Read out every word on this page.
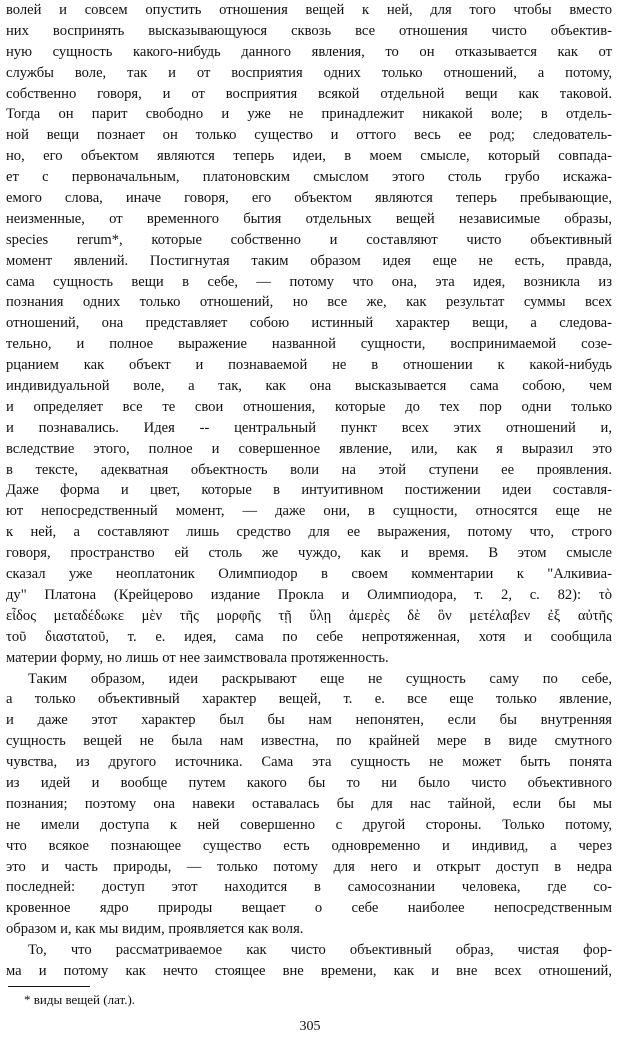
волей и совсем опустить отношения вещей к ней, для того чтобы вместо
них воспринять высказывающуюся сквозь все отношения чисто объектив-
ную сущность какого-нибудь данного явления, то он отказывается как от
службы воле, так и от восприятия одних только отношений, а потому,
собственно говоря, и от восприятия всякой отдельной вещи как таковой.
Тогда он парит свободно и уже не принадлежит никакой воле; в отдель-
ной вещи познает он только существо и оттого весь ее род; следователь-
но, его объектом являются теперь идеи, в моем смысле, который совпада-
ет с первоначальным, платоновским смыслом этого столь грубо искажа-
емого слова, иначе говоря, его объектом являются теперь пребывающие,
неизменные, от временного бытия отдельных вещей независимые образы,
species rerum*, которые собственно и составляют чисто объективный
момент явлений. Постигнутая таким образом идея еще не есть, правда,
сама сущность вещи в себе, — потому что она, эта идея, возникла из
познания одних только отношений, но все же, как результат суммы всех
отношений, она представляет собою истинный характер вещи, а следова-
тельно, и полное выражение названной сущности, воспринимаемой созе-
рцанием как объект и познаваемой не в отношении к какой-нибудь
индивидуальной воле, а так, как она высказывается сама собою, чем
и определяет все те свои отношения, которые до тех пор одни только
и познавались. Идея -- центральный пункт всех этих отношений и,
вследствие этого, полное и совершенное явление, или, как я выразил это
в тексте, адекватная объектность воли на этой ступени ее проявления.
Даже форма и цвет, которые в интуитивном постижении идеи составля-
ют непосредственный момент, — даже они, в сущности, относятся еще не
к ней, а составляют лишь средство для ее выражения, потому что, строго
говоря, пространство ей столь же чуждо, как и время. В этом смысле
сказал уже неоплатоник Олимпиодор в своем комментарии к "Алкивиа-
ду" Платона (Крейцерово издание Прокла и Олимпиодора, т. 2, с. 82): τὸ
εἶδος μεταδέδωκε μὲν τῆς μορφῆς τῇ ὕλῃ ἀμερὲς δὲ ὃν μετέλαβεν ἐξ αὐτῆς
τοῦ διαστατοῦ, т. е. идея, сама по себе непротяженная, хотя и сообщила
материи форму, но лишь от нее заимствовала протяженность.
Таким образом, идеи раскрывают еще не сущность саму по себе,
а только объективный характер вещей, т. е. все еще только явление,
и даже этот характер был бы нам непонятен, если бы внутренняя
сущность вещей не была нам известна, по крайней мере в виде смутного
чувства, из другого источника. Сама эта сущность не может быть понята
из идей и вообще путем какого бы то ни было чисто объективного
познания; поэтому она навеки оставалась бы для нас тайной, если бы мы
не имели доступа к ней совершенно с другой стороны. Только потому,
что всякое познающее существо есть одновременно и индивид, а через
это и часть природы, — только потому для него и открыт доступ в недра
последней: доступ этот находится в самосознании человека, где со-
кровенное ядро природы вещает о себе наиболее непосредственным
образом и, как мы видим, проявляется как воля.
То, что рассматриваемое как чисто объективный образ, чистая фор-
ма и потому как нечто стоящее вне времени, как и вне всех отношений,
* виды вещей (лат.).
305
